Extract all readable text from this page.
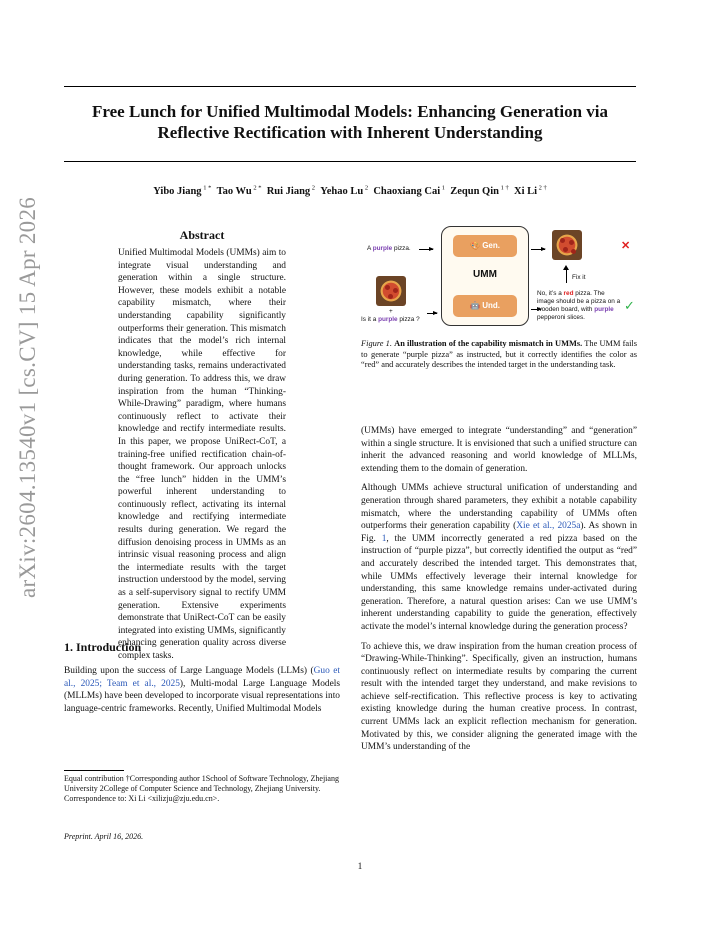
arXiv:2604.13540v1 [cs.CV] 15 Apr 2026
Free Lunch for Unified Multimodal Models: Enhancing Generation via Reflective Rectification with Inherent Understanding
Yibo Jiang $^{1 *}$  Tao Wu $^{2 *}$  Rui Jiang $^2$  Yehao Lu $^2$  Chaoxiang Cai $^1$  Zequn Qin $^{1 \dagger}$  Xi Li $^{2 \dagger}$
Abstract
Unified Multimodal Models (UMMs) aim to integrate visual understanding and generation within a single structure. However, these models exhibit a notable capability mismatch, where their understanding capability significantly outperforms their generation. This mismatch indicates that the model’s rich internal knowledge, while effective for understanding tasks, remains underactivated during generation. To address this, we draw inspiration from the human “Thinking-While-Drawing” paradigm, where humans continuously reflect to activate their knowledge and rectify intermediate results. In this paper, we propose UniRect-CoT, a training-free unified rectification chain-of-thought framework. Our approach unlocks the “free lunch” hidden in the UMM’s powerful inherent understanding to continuously reflect, activating its internal knowledge and rectifying intermediate results during generation. We regard the diffusion denoising process in UMMs as an intrinsic visual reasoning process and align the intermediate results with the target instruction understood by the model, serving as a self-supervisory signal to rectify UMM generation. Extensive experiments demonstrate that UniRect-CoT can be easily integrated into existing UMMs, significantly enhancing generation quality across diverse complex tasks.
1. Introduction
Building upon the success of Large Language Models (LLMs) (Guo et al., 2025; Team et al., 2025), Multi-modal Large Language Models (MLLMs) have been developed to incorporate visual representations into language-centric frameworks. Recently, Unified Multimodal Models
Equal contribution †Corresponding author 1School of Software Technology, Zhejiang University 2College of Computer Science and Technology, Zhejiang University. Correspondence to: Xi Li <xilizju@zju.edu.cn>.
Preprint. April 16, 2026.
A purple pizza.
+
Is it a purple pizza ?
🎨 Gen.
UMM
🤖 Und.
✕
Fix it
No, it’s a red pizza. The image should be a pizza on a wooden board, with purple pepperoni slices.
✓
Figure 1. An illustration of the capability mismatch in UMMs. The UMM fails to generate “purple pizza” as instructed, but it correctly identifies the color as “red” and accurately describes the intended target in the understanding task.

(UMMs) have emerged to integrate “understanding” and “generation” within a single structure. It is envisioned that such a unified structure can inherit the advanced reasoning and world knowledge of MLLMs, extending them to the domain of generation.

Although UMMs achieve structural unification of understanding and generation through shared parameters, they exhibit a notable capability mismatch, where the understanding capability of UMMs often outperforms their generation capability (Xie et al., 2025a). As shown in Fig. 1, the UMM incorrectly generated a red pizza based on the instruction of “purple pizza”, but correctly identified the output as “red” and accurately described the intended target. This demonstrates that, while UMMs effectively leverage their internal knowledge for understanding, this same knowledge remains under-activated during generation. Therefore, a natural question arises: Can we use UMM’s inherent understanding capability to guide the generation, effectively activate the model’s internal knowledge during the generation process?

To achieve this, we draw inspiration from the human creation process of “Drawing-While-Thinking”. Specifically, given an instruction, humans continuously reflect on intermediate results by comparing the current result with the intended target they understand, and make revisions to achieve self-rectification. This reflective process is key to activating existing knowledge during the human creative process. In contrast, current UMMs lack an explicit reflection mechanism for generation. Motivated by this, we consider aligning the generated image with the UMM’s understanding of the

1
